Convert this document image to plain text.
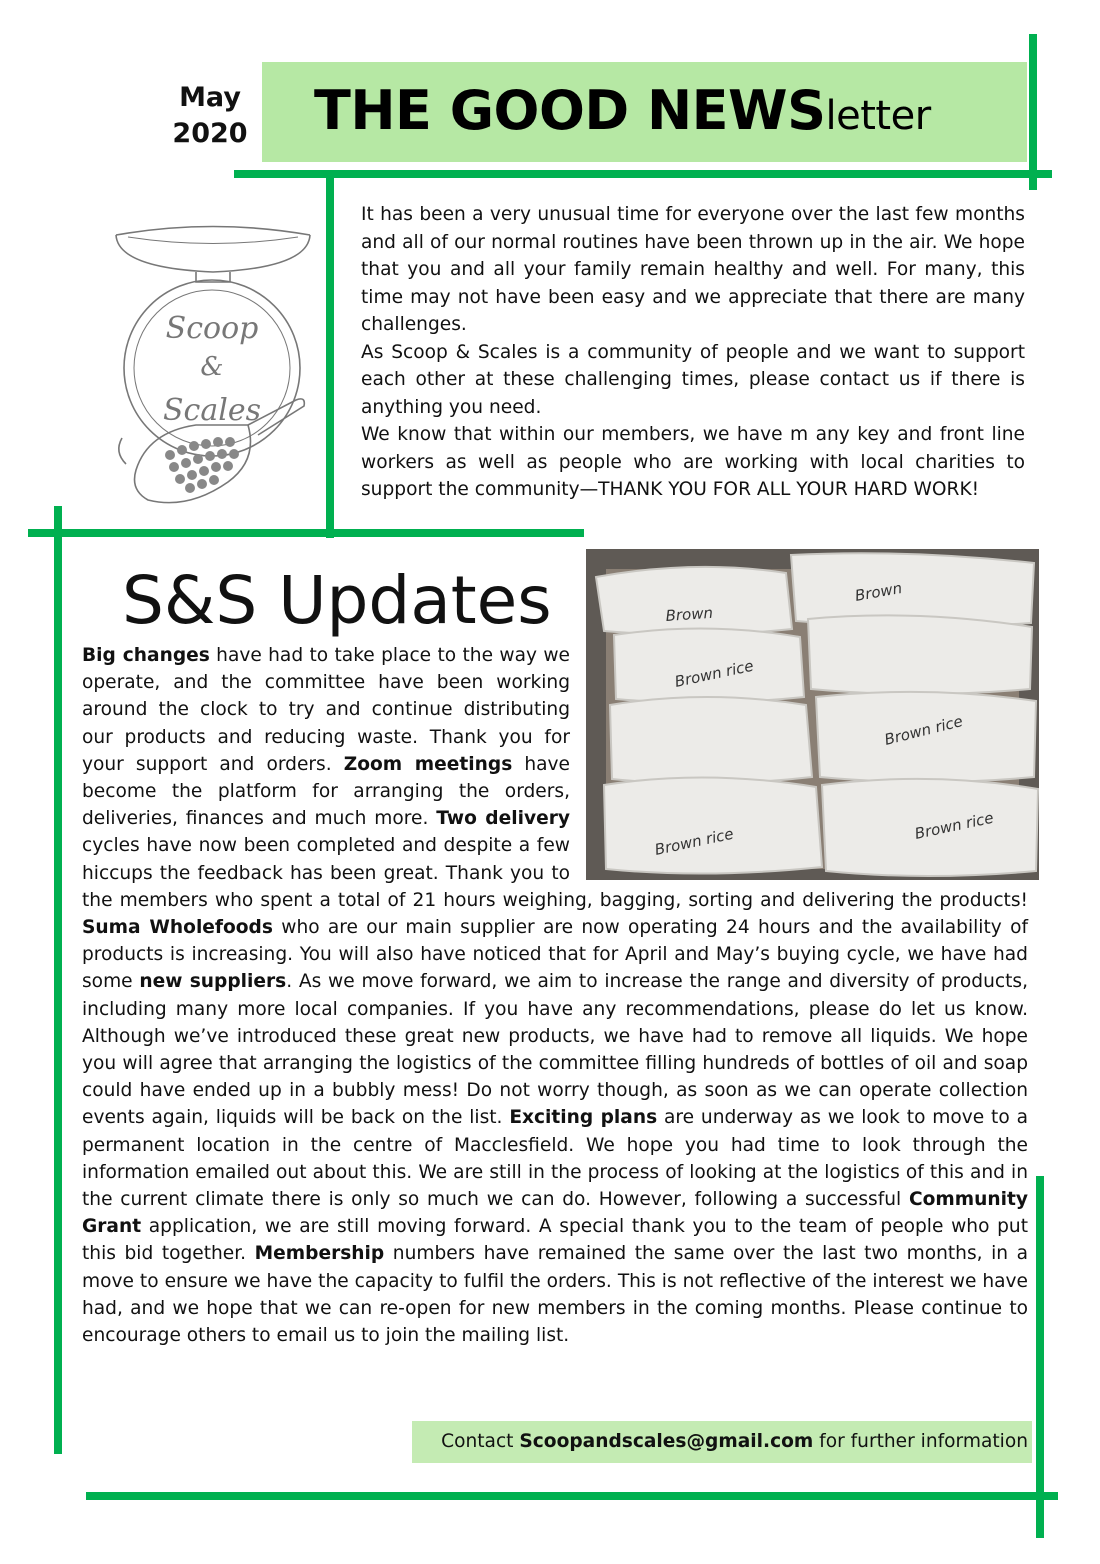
May
2020 THE GOOD NEWSletter
Scoop
&
Scales

It has been a very unusual time for everyone over the last few months and all of our normal routines have been thrown up in the air. We hope that you and all your family remain healthy and well. For many, this time may not have been easy and we appreciate that there are many challenges.

As Scoop & Scales is a community of people and we want to support each other at these challenging times, please contact us if there is anything you need.

We know that within our members, we have m any key and front line workers as well as people who are working with local charities to support the community—THANK YOU FOR ALL YOUR HARD WORK!

S&S Updates	Brown
Brown
Brown rice
Brown rice
Brown rice	Brown rice
Big changes have had to take place to the way we operate, and the committee have been working around the clock to try and continue distributing our products and reducing waste. Thank you for your support and orders. Zoom meetings have become the platform for arranging the orders, deliveries, finances and much more. Two delivery cycles have now been completed and despite a few hiccups the feedback has been great. Thank you to the members who spent a total of 21 hours weighing, bagging, sorting and delivering the products! Suma Wholefoods who are our main supplier are now operating 24 hours and the availability of products is increasing. You will also have noticed that for April and May’s buying cycle, we have had some new suppliers. As we move forward, we aim to increase the range and diversity of products, including many more local companies. If you have any recommendations, please do let us know. Although we’ve introduced these great new products, we have had to remove all liquids. We hope you will agree that arranging the logistics of the committee filling hundreds of bottles of oil and soap could have ended up in a bubbly mess! Do not worry though, as soon as we can operate collection events again, liquids will be back on the list. Exciting plans are underway as we look to move to a permanent location in the centre of Macclesfield. We hope you had time to look through the information emailed out about this. We are still in the process of looking at the logistics of this and in the current climate there is only so much we can do. However, following a successful Community Grant application, we are still moving forward. A special thank you to the team of people who put this bid together. Membership numbers have remained the same over the last two months, in a move to ensure we have the capacity to fulfil the orders. This is not reflective of the interest we have had, and we hope that we can re-open for new members in the coming months. Please continue to encourage others to email us to join the mailing list.
Contact Scoopandscales@gmail.com for further information
